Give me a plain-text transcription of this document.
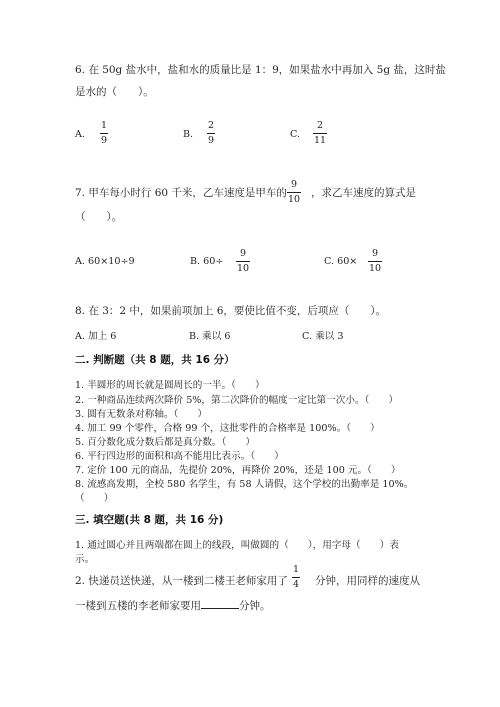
6. 在 50g 盐水中，盐和水的质量比是 1：9，如果盐水中再加入 5g 盐，这时盐
是水的（　　）。
A.
1
9	B.
2
9	C.
2
11
7. 甲车每小时行 60 千米，乙车速度是甲车的
9
10 ，求乙车速度的算式是
（　　）。
A. 60×10÷9	B. 60÷
9
10
C. 60×
9
10
8. 在 3：2 中，如果前项加上 6，要使比值不变，后项应（　　）。
A. 加上 6	B. 乘以 6	C. 乘以 3
二. 判断题（共 8 题，共 16 分）
1. 半圆形的周长就是圆周长的一半。（　　）
2. 一种商品连续两次降价 5%，第二次降价的幅度一定比第一次小。（　　）
3. 圆有无数条对称轴。（　　）
4. 加工 99 个零件，合格 99 个，这批零件的合格率是 100%。（　　）
5. 百分数化成分数后都是真分数。（　　）
6. 平行四边形的面积和高不能用比表示。（　　）
7. 定价 100 元的商品，先提价 20%，再降价 20%，还是 100 元。（　　）
8. 流感高发期，全校 580 名学生，有 58 人请假，这个学校的出勤率是 10%。
（　　）
三. 填空题(共 8 题，共 16 分)
1. 通过圆心并且两端都在圆上的线段，叫做圆的（　　），用字母（　　）表
示。
2. 快递员送快递，从一楼到二楼王老师家用了
1
4 分钟，用同样的速度从
一楼到五楼的李老师家要用	分钟。
